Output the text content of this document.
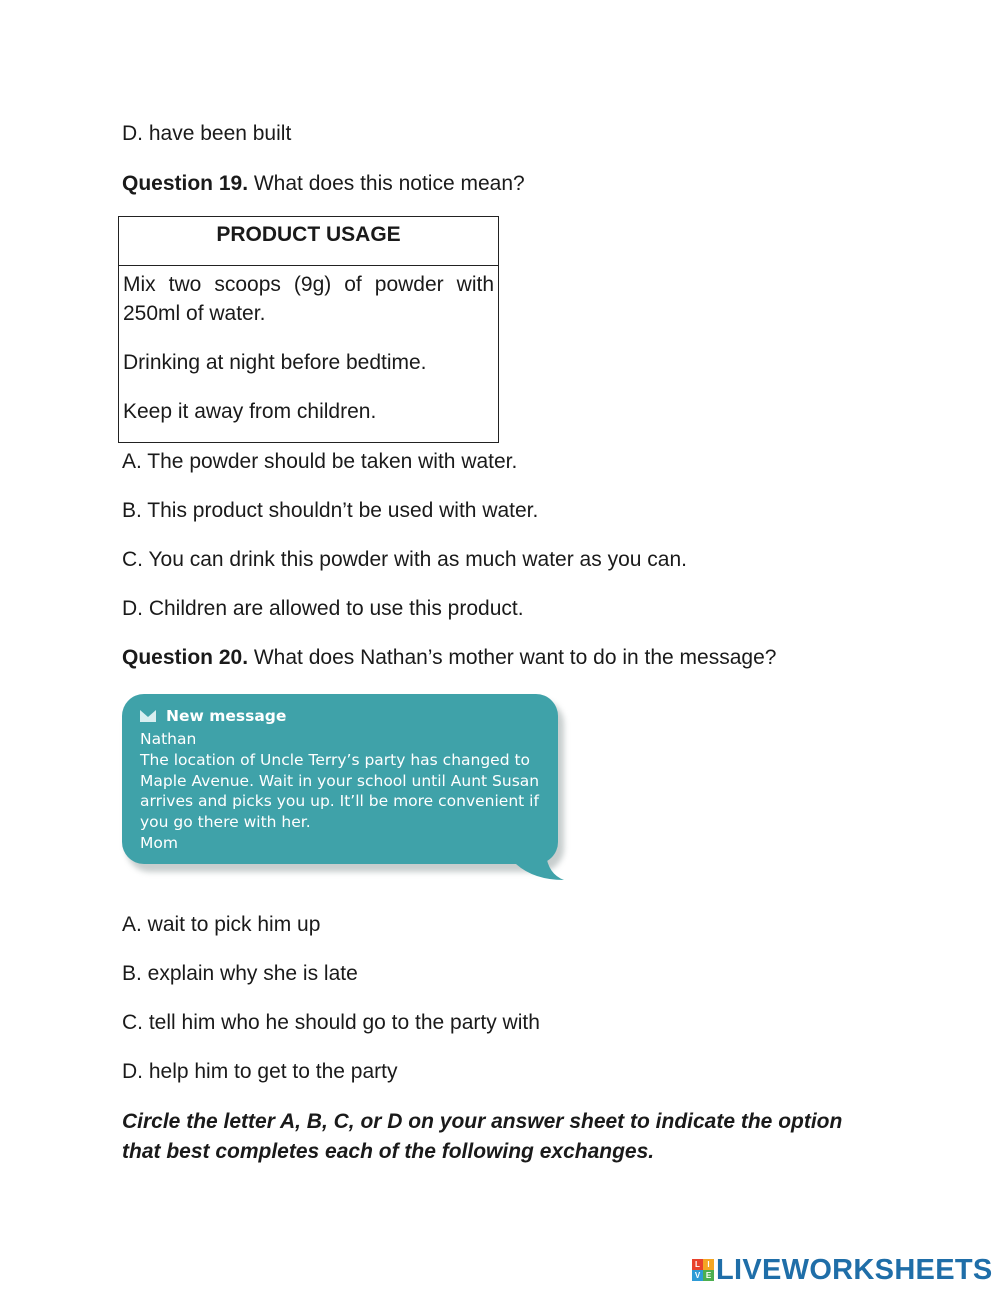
D. have been built
Question 19. What does this notice mean?
PRODUCT USAGE
Mix two scoops (9g) of powder with
250ml of water.
Drinking at night before bedtime.
Keep it away from children.
A. The powder should be taken with water.
B. This product shouldn’t be used with water.
C. You can drink this powder with as much water as you can.
D. Children are allowed to use this product.
Question 20. What does Nathan’s mother want to do in the message?
New message
Nathan
The location of Uncle Terry’s party has changed to
Maple Avenue. Wait in your school until Aunt Susan
arrives and picks you up. It’ll be more convenient if
you go there with her.
Mom
A. wait to pick him up
B. explain why she is late
C. tell him who he should go to the party with
D. help him to get to the party
Circle the letter A, B, C, or D on your answer sheet to indicate the option
that best completes each of the following exchanges.
L I
V E LIVEWORKSHEETS
